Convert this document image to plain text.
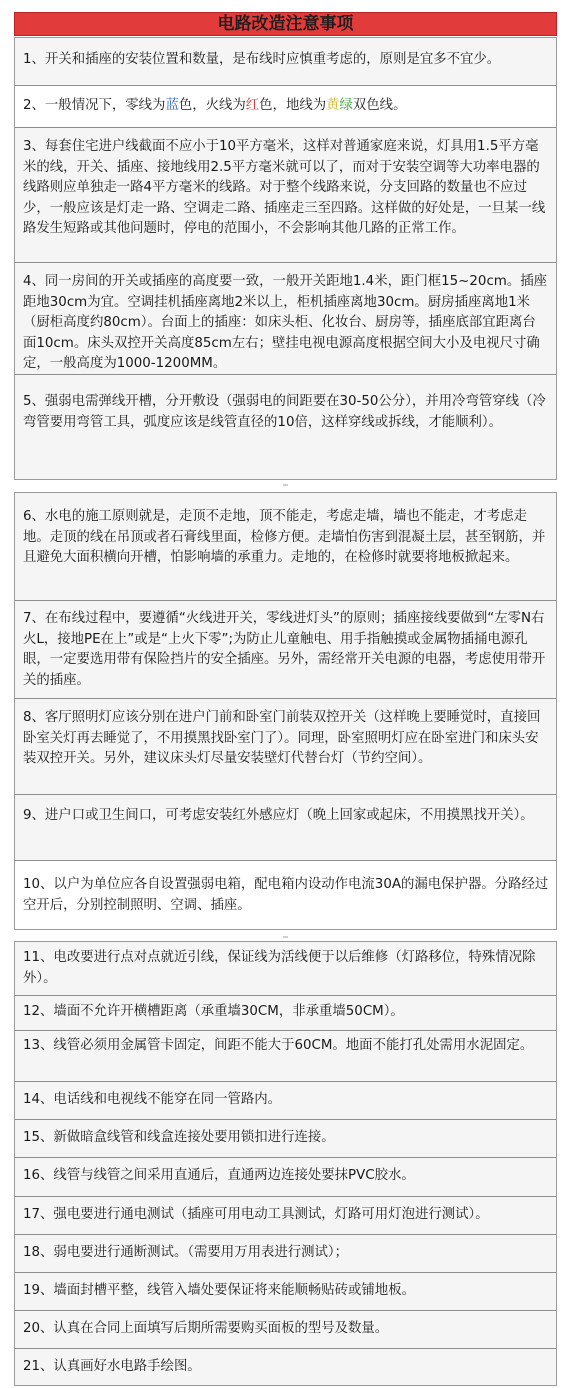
电路改造注意事项
1、开关和插座的安装位置和数量，是布线时应慎重考虑的，原则是宜多不宜少。
2、一般情况下，零线为蓝色，火线为红色，地线为黄绿双色线。
3、每套住宅进户线截面不应小于10平方毫米，这样对普通家庭来说，灯具用1.5平方毫米的线，开关、插座、接地线用2.5平方毫米就可以了，而对于安装空调等大功率电器的线路则应单独走一路4平方毫米的线路。对于整个线路来说，分支回路的数量也不应过少，一般应该是灯走一路、空调走二路、插座走三至四路。这样做的好处是，一旦某一线路发生短路或其他问题时，停电的范围小，不会影响其他几路的正常工作。
4、同一房间的开关或插座的高度要一致，一般开关距地1.4米，距门框15~20cm。插座距地30cm为宜。空调挂机插座离地2米以上，柜机插座离地30cm。厨房插座离地1米（厨柜高度约80cm）。台面上的插座：如床头柜、化妆台、厨房等，插座底部宜距离台面10cm。床头双控开关高度85cm左右；壁挂电视电源高度根据空间大小及电视尺寸确定，一般高度为1000-1200MM。
5、强弱电需弹线开槽，分开敷设（强弱电的间距要在30-50公分），并用冷弯管穿线（冷弯管要用弯管工具，弧度应该是线管直径的10倍，这样穿线或拆线，才能顺利）。
6、水电的施工原则就是，走顶不走地，顶不能走，考虑走墙，墙也不能走，才考虑走地。走顶的线在吊顶或者石膏线里面，检修方便。走墙怕伤害到混凝土层，甚至钢筋，并且避免大面积横向开槽，怕影响墙的承重力。走地的，在检修时就要将地板掀起来。
7、在布线过程中，要遵循“火线进开关，零线进灯头”的原则；插座接线要做到“左零N右火L，接地PE在上”或是“上火下零”;为防止儿童触电、用手指触摸或金属物插捅电源孔眼，一定要选用带有保险挡片的安全插座。另外，需经常开关电源的电器，考虑使用带开关的插座。
8、客厅照明灯应该分别在进户门前和卧室门前装双控开关（这样晚上要睡觉时，直接回卧室关灯再去睡觉了，不用摸黑找卧室门了）。同理，卧室照明灯应在卧室进门和床头安装双控开关。另外，建议床头灯尽量安装壁灯代替台灯（节约空间）。
9、进户口或卫生间口，可考虑安装红外感应灯（晚上回家或起床，不用摸黑找开关）。
10、以户为单位应各自设置强弱电箱，配电箱内设动作电流30A的漏电保护器。分路经过空开后，分别控制照明、空调、插座。
11、电改要进行点对点就近引线，保证线为活线便于以后维修（灯路移位，特殊情况除外）。
12、墙面不允许开横槽距离（承重墙30CM，非承重墙50CM）。
13、线管必须用金属管卡固定，间距不能大于60CM。地面不能打孔处需用水泥固定。
14、电话线和电视线不能穿在同一管路内。
15、新做暗盒线管和线盒连接处要用锁扣进行连接。
16、线管与线管之间采用直通后，直通两边连接处要抹PVC胶水。
17、强电要进行通电测试（插座可用电动工具测试，灯路可用灯泡进行测试）。
18、弱电要进行通断测试。（需要用万用表进行测试）；
19、墙面封槽平整，线管入墙处要保证将来能顺畅贴砖或铺地板。
20、认真在合同上面填写后期所需要购买面板的型号及数量。
21、认真画好水电路手绘图。
